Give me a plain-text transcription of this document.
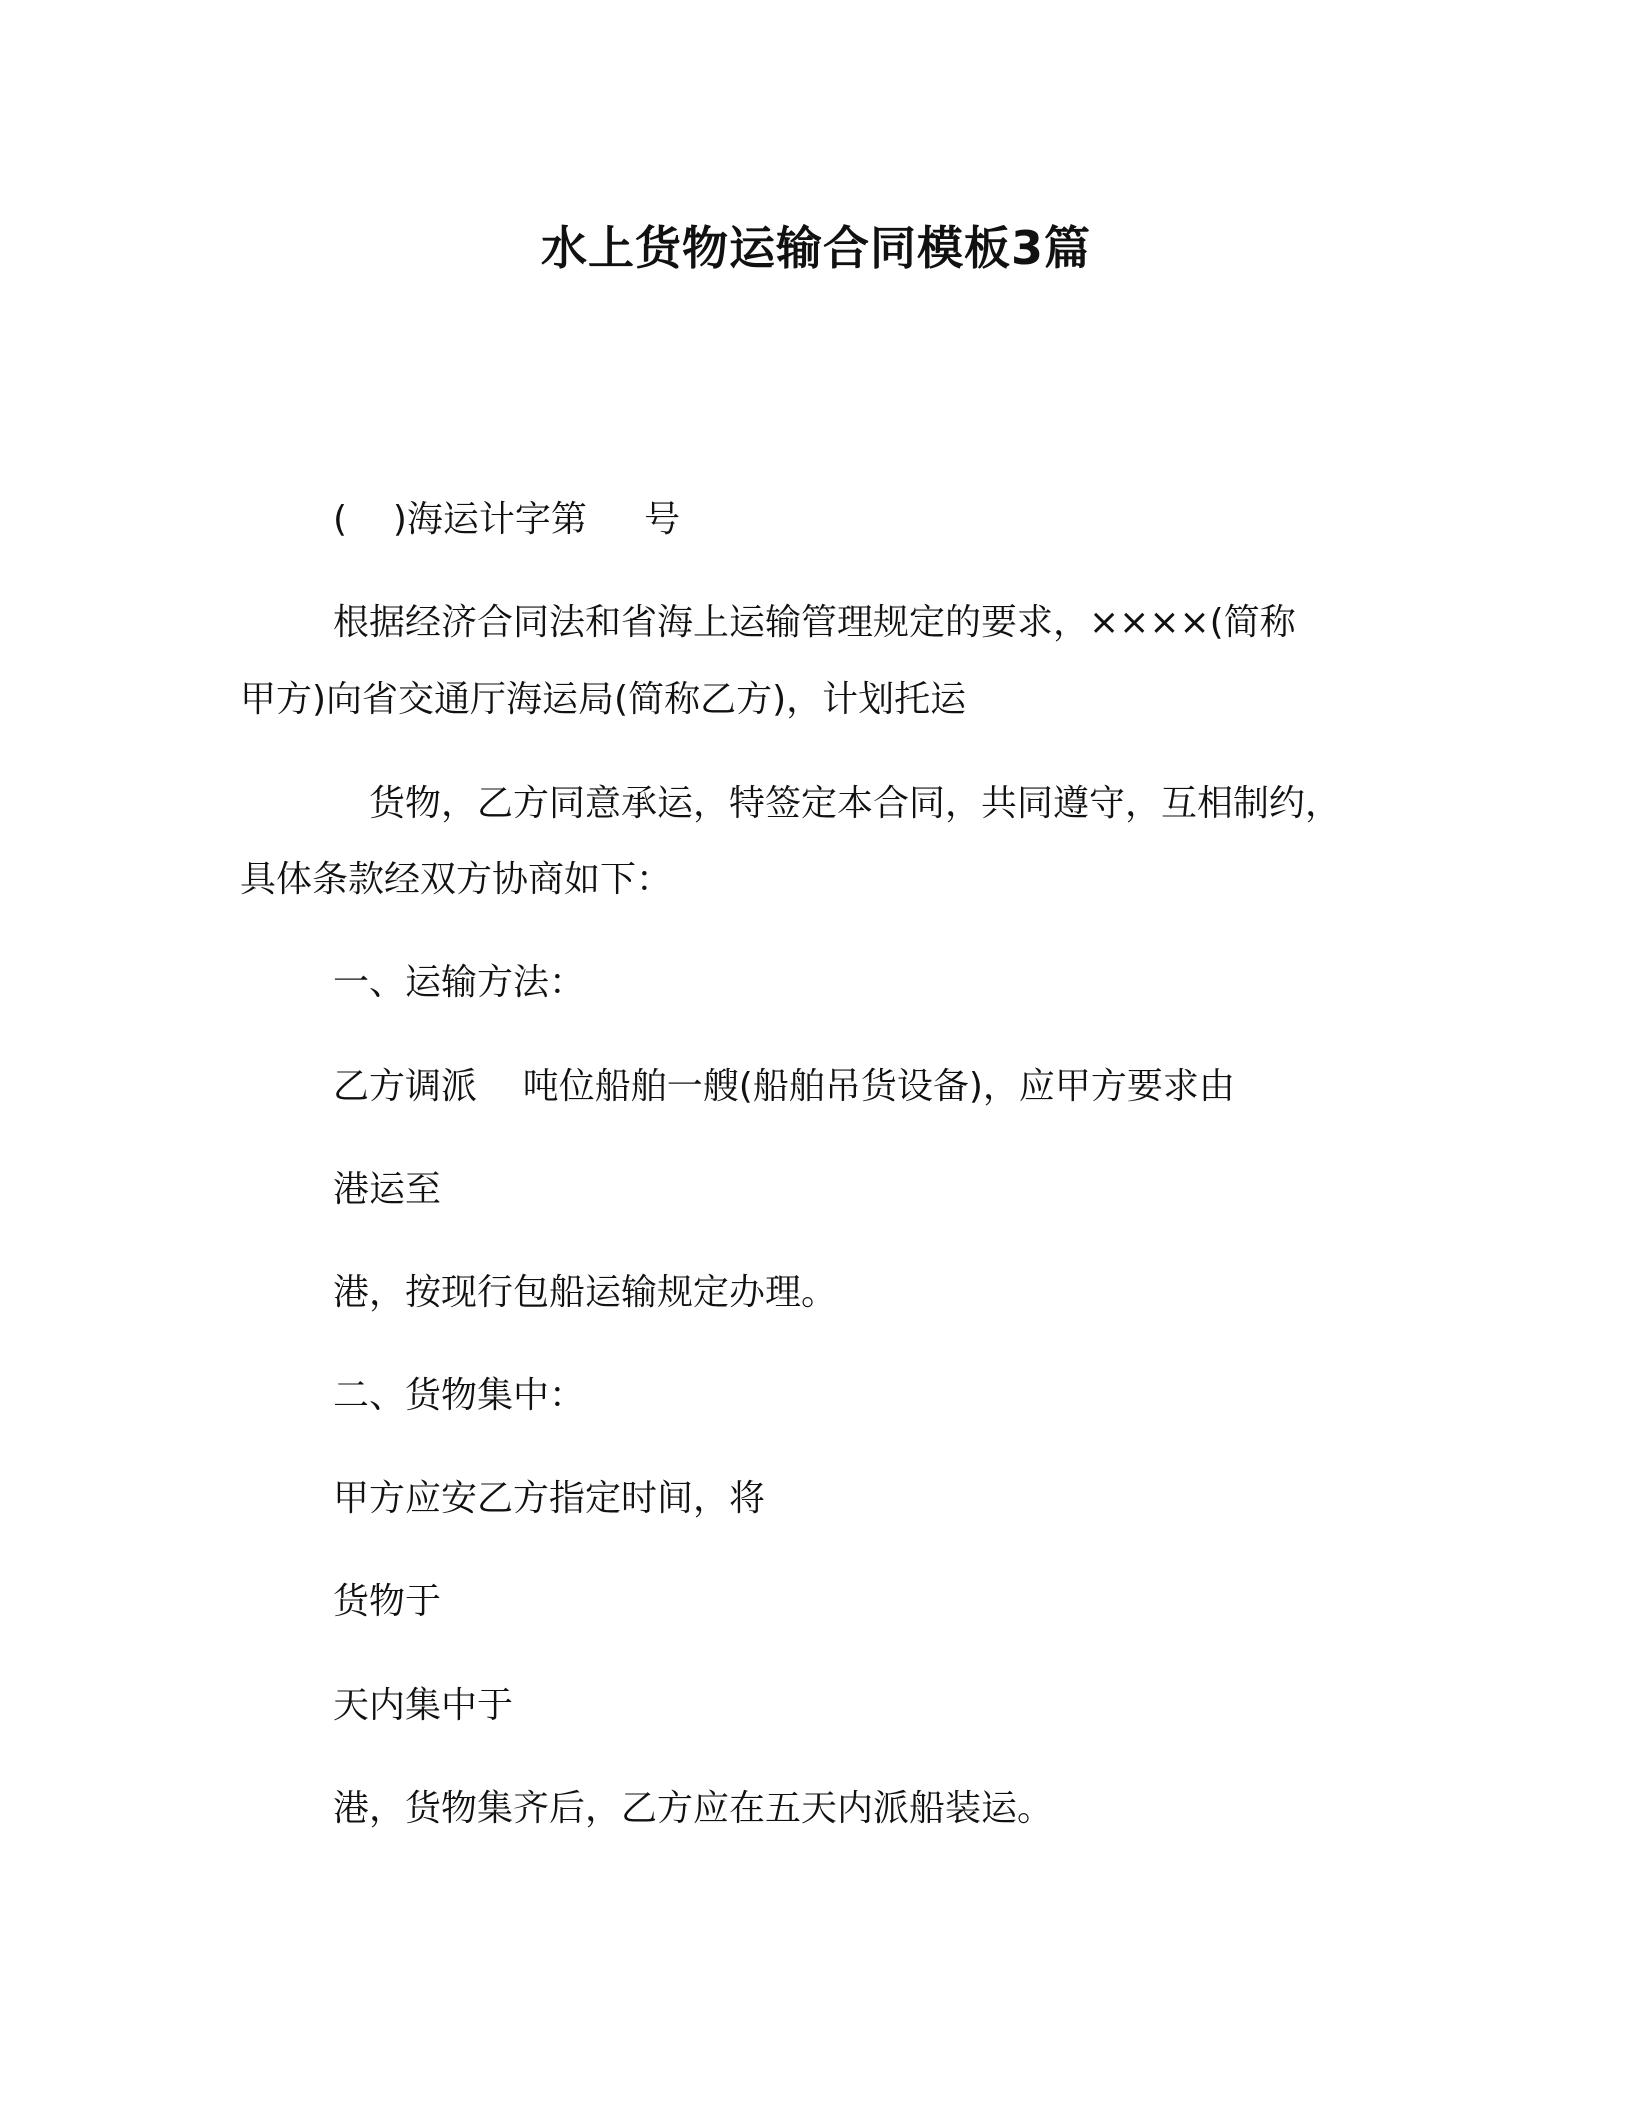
水上货物运输合同模板3篇
(    )海运计字第     号
根据经济合同法和省海上运输管理规定的要求，××××(简称
甲方)向省交通厅海运局(简称乙方)，计划托运
货物，乙方同意承运，特签定本合同，共同遵守，互相制约，
具体条款经双方协商如下：
一、运输方法：
乙方调派    吨位船舶一艘(船舶吊货设备)，应甲方要求由
港运至
港，按现行包船运输规定办理。
二、货物集中：
甲方应安乙方指定时间，将
货物于
天内集中于
港，货物集齐后，乙方应在五天内派船装运。
